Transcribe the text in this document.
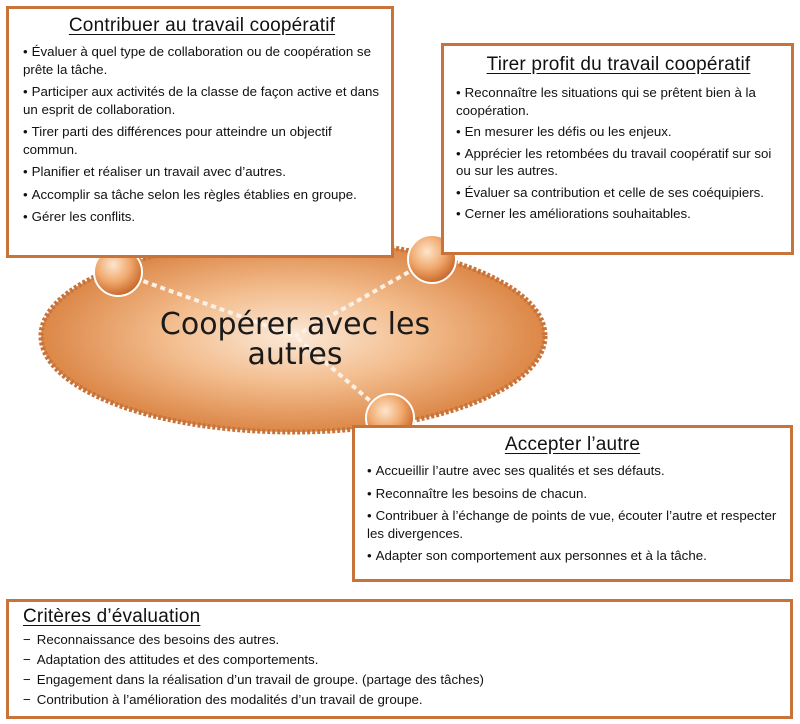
Coopérer avec les autres
Contribuer au travail coopératif
• Évaluer à quel type de collaboration ou de coopération se prête la tâche.
• Participer aux activités de la classe de façon active et dans un esprit de collaboration.
• Tirer parti des différences pour atteindre un objectif commun.
• Planifier et réaliser un travail avec d’autres.
• Accomplir sa tâche selon les règles établies en groupe.
• Gérer les conflits.
Tirer profit du travail coopératif
• Reconnaître les situations qui se prêtent bien à la coopération.
• En mesurer les défis ou les enjeux.
• Apprécier les retombées du travail coopératif sur soi ou sur les autres.
• Évaluer sa contribution et celle de ses coéquipiers.
• Cerner les améliorations souhaitables.
Accepter l’autre
• Accueillir l’autre avec ses qualités et ses défauts.
• Reconnaître les besoins de chacun.
• Contribuer à l’échange de points de vue, écouter l’autre et respecter les divergences.
• Adapter son comportement aux personnes et à la tâche.
Critères d’évaluation
− Reconnaissance des besoins des autres.
− Adaptation des attitudes et des comportements.
− Engagement dans la réalisation d’un travail de groupe. (partage des tâches)
− Contribution à l’amélioration des modalités d’un travail de groupe.
